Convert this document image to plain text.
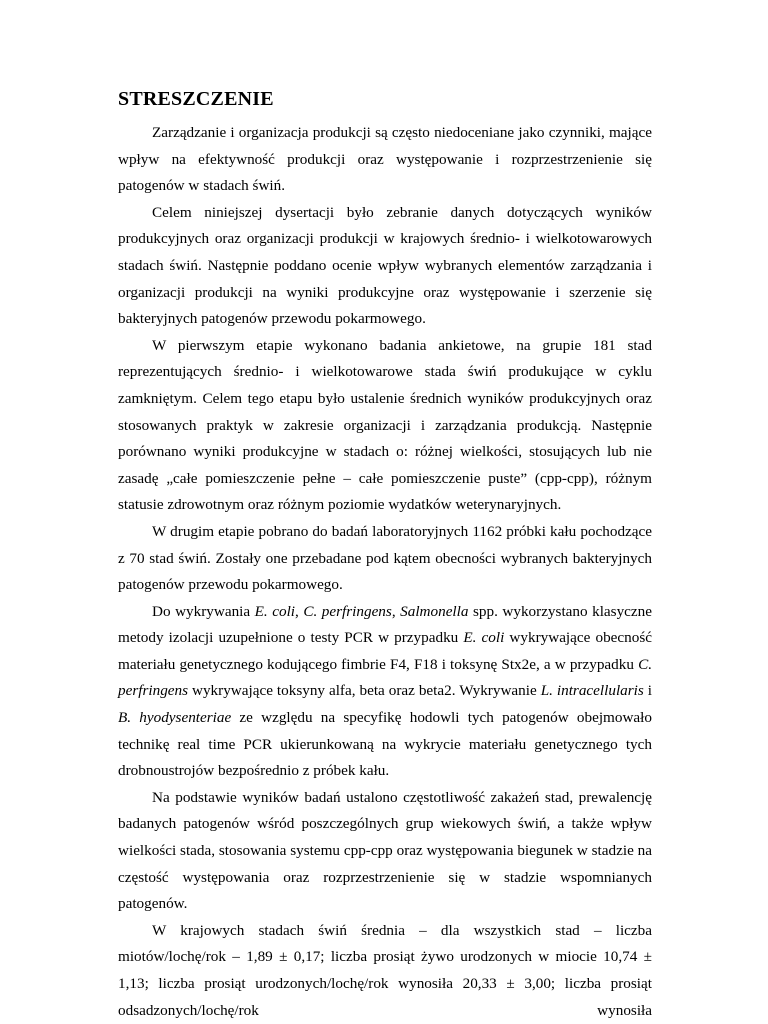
STRESZCZENIE

Zarządzanie i organizacja produkcji są często niedoceniane jako czynniki, mające wpływ na efektywność produkcji oraz występowanie i rozprzestrzenienie się patogenów w stadach świń.

Celem niniejszej dysertacji było zebranie danych dotyczących wyników produkcyjnych oraz organizacji produkcji w krajowych średnio- i wielkotowarowych stadach świń. Następnie poddano ocenie wpływ wybranych elementów zarządzania i organizacji produkcji na wyniki produkcyjne oraz występowanie i szerzenie się bakteryjnych patogenów przewodu pokarmowego.

W pierwszym etapie wykonano badania ankietowe, na grupie 181 stad reprezentujących średnio- i wielkotowarowe stada świń produkujące w cyklu zamkniętym. Celem tego etapu było ustalenie średnich wyników produkcyjnych oraz stosowanych praktyk w zakresie organizacji i zarządzania produkcją. Następnie porównano wyniki produkcyjne w stadach o: różnej wielkości, stosujących lub nie zasadę „całe pomieszczenie pełne – całe pomieszczenie puste” (cpp-cpp), różnym statusie zdrowotnym oraz różnym poziomie wydatków weterynaryjnych.

W drugim etapie pobrano do badań laboratoryjnych 1162 próbki kału pochodzące z 70 stad świń. Zostały one przebadane pod kątem obecności wybranych bakteryjnych patogenów przewodu pokarmowego.

Do wykrywania E. coli, C. perfringens, Salmonella spp. wykorzystano klasyczne metody izolacji uzupełnione o testy PCR w przypadku E. coli wykrywające obecność materiału genetycznego kodującego fimbrie F4, F18 i toksynę Stx2e, a w przypadku C. perfringens wykrywające toksyny alfa, beta oraz beta2. Wykrywanie L. intracellularis i B. hyodysenteriae ze względu na specyfikę hodowli tych patogenów obejmowało technikę real time PCR ukierunkowaną na wykrycie materiału genetycznego tych drobnoustrojów bezpośrednio z próbek kału.

Na podstawie wyników badań ustalono częstotliwość zakażeń stad, prewalencję badanych patogenów wśród poszczególnych grup wiekowych świń, a także wpływ wielkości stada, stosowania systemu cpp-cpp oraz występowania biegunek w stadzie na częstość występowania oraz rozprzestrzenienie się w stadzie wspomnianych patogenów.

W krajowych stadach świń średnia – dla wszystkich stad – liczba miotów/lochę/rok – 1,89 ± 0,17; liczba prosiąt żywo urodzonych w miocie 10,74 ± 1,13; liczba prosiąt urodzonych/lochę/rok wynosiła 20,33 ± 3,00; liczba prosiąt odsadzonych/lochę/rok wynosiła
